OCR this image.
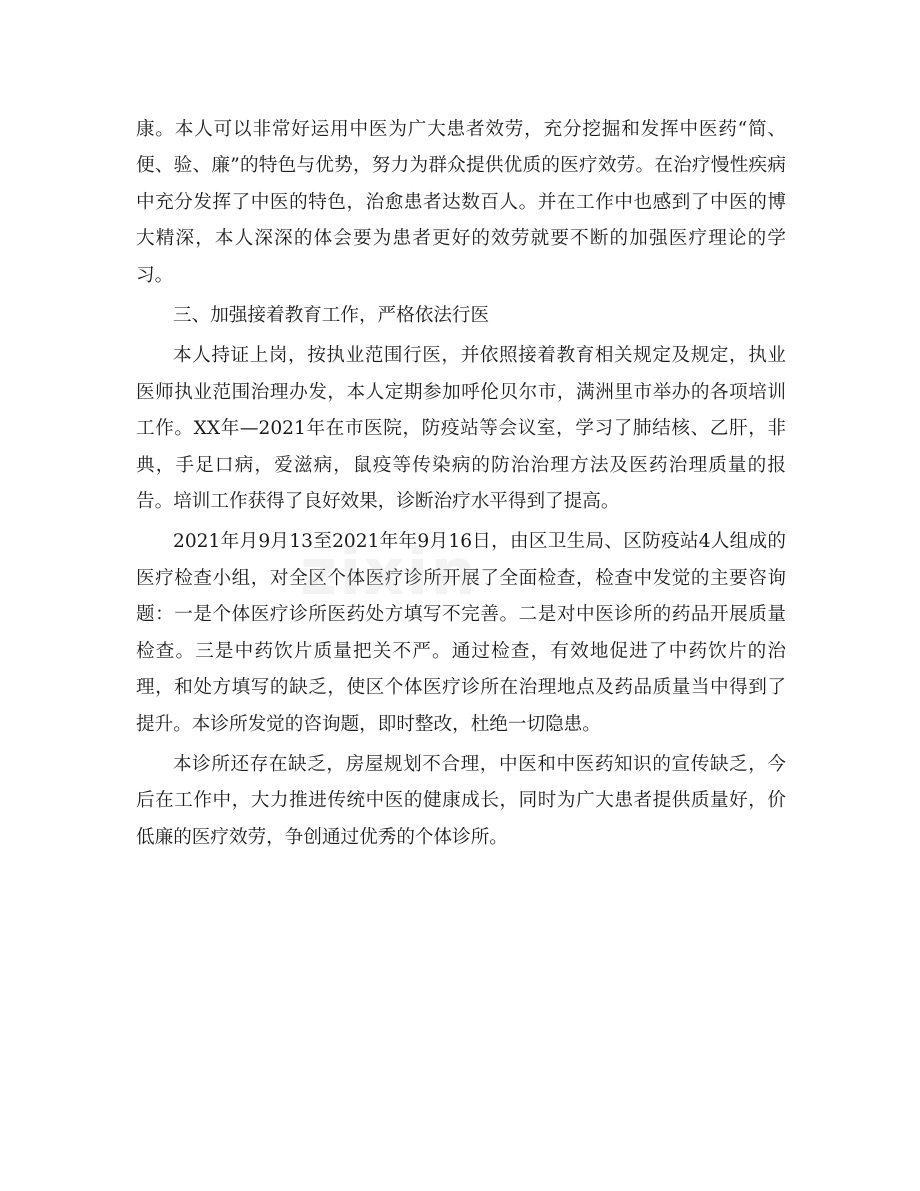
康。本人可以非常好运用中医为广大患者效劳，充分挖掘和发挥中医药“简、便、验、廉”的特色与优势，努力为群众提供优质的医疗效劳。在治疗慢性疾病中充分发挥了中医的特色，治愈患者达数百人。并在工作中也感到了中医的博大精深，本人深深的体会要为患者更好的效劳就要不断的加强医疗理论的学习。

三、加强接着教育工作，严格依法行医

本人持证上岗，按执业范围行医，并依照接着教育相关规定及规定，执业医师执业范围治理办发，本人定期参加呼伦贝尔市，满洲里市举办的各项培训工作。XX年—2021年在市医院，防疫站等会议室，学习了肺结核、乙肝，非典，手足口病，爱滋病，鼠疫等传染病的防治治理方法及医药治理质量的报告。培训工作获得了良好效果，诊断治疗水平得到了提高。

2021年月9月13至2021年年9月16日，由区卫生局、区防疫站4人组成的医疗检查小组，对全区个体医疗诊所开展了全面检查，检查中发觉的主要咨询题：一是个体医疗诊所医药处方填写不完善。二是对中医诊所的药品开展质量检查。三是中药饮片质量把关不严。通过检查，有效地促进了中药饮片的治理，和处方填写的缺乏，使区个体医疗诊所在治理地点及药品质量当中得到了提升。本诊所发觉的咨询题，即时整改，杜绝一切隐患。

本诊所还存在缺乏，房屋规划不合理，中医和中医药知识的宣传缺乏，今后在工作中，大力推进传统中医的健康成长，同时为广大患者提供质量好，价低廉的医疗效劳，争创通过优秀的个体诊所。

zixin
